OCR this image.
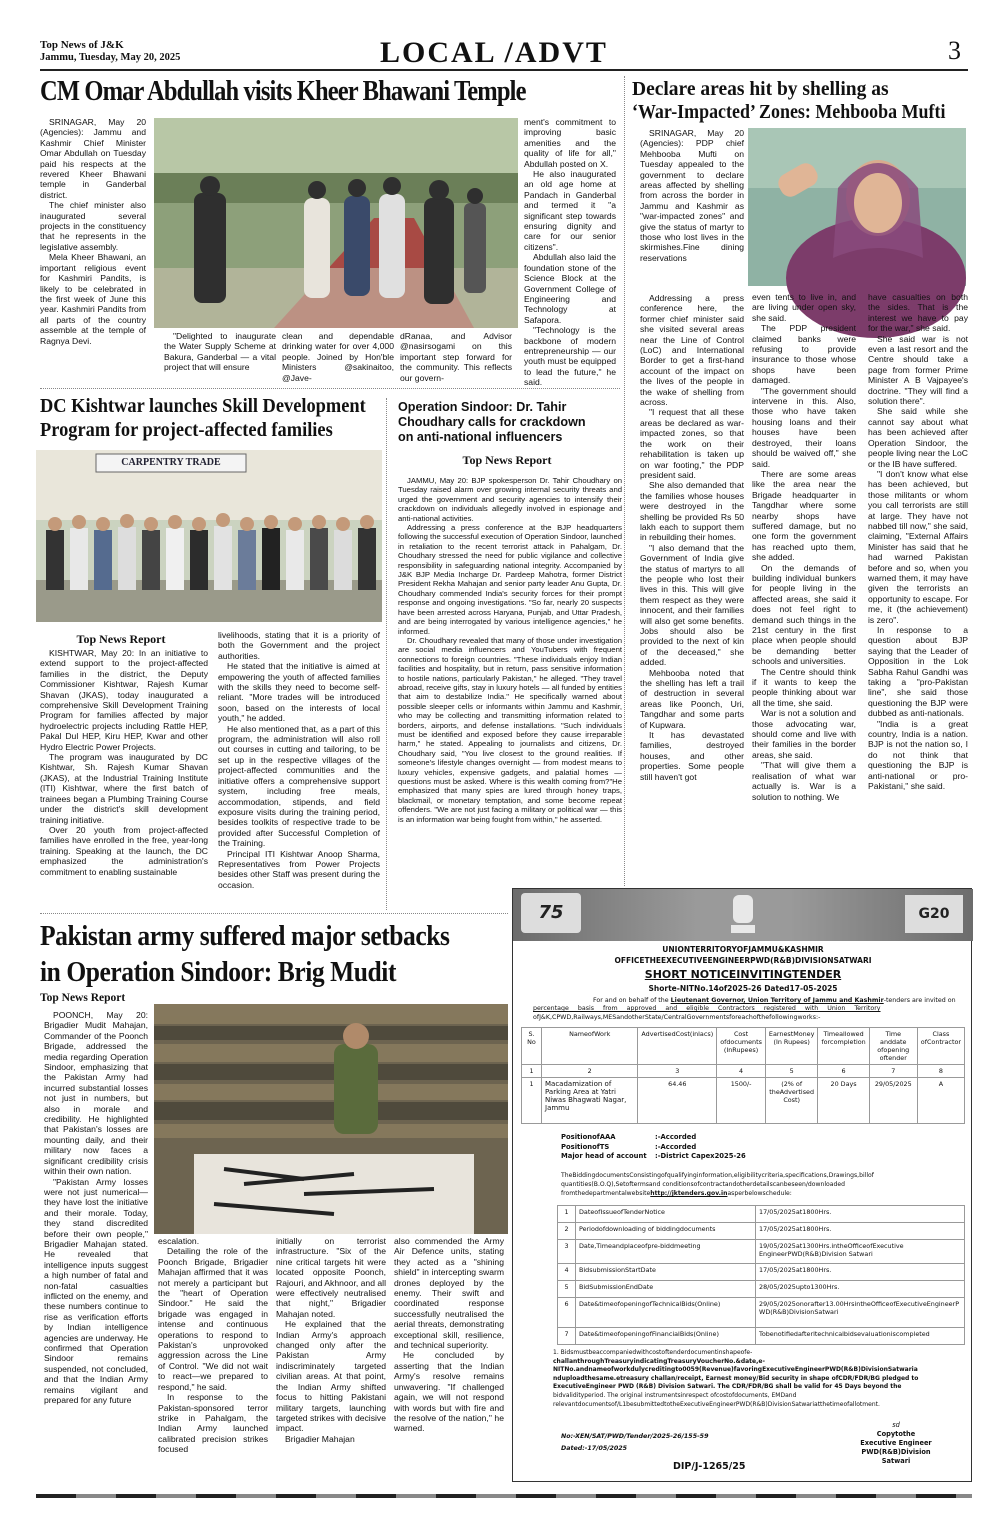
Top News of J&K
Jammu, Tuesday, May 20, 2025	LOCAL /ADVT	3
CM Omar Abdullah visits Kheer Bhawani Temple

SRINAGAR, May 20 (Agencies): Jammu and Kashmir Chief Minister Omar Abdullah on Tuesday paid his respects at the revered Kheer Bhawani temple in Ganderbal district.

The chief minister also inaugurated several projects in the constituency that he represents in the legislative assembly.

Mela Kheer Bhawani, an important religious event for Kashmiri Pandits, is likely to be celebrated in the first week of June this year. Kashmiri Pandits from all parts of the country assemble at the temple of Ragnya Devi.	"Delighted to inaugurate the Water Supply Scheme at Bakura, Ganderbal — a vital project that will ensure

clean and dependable drinking water for over 4,000 people. Joined by Hon'ble Ministers @sakinaitoo, @Jave-

dRanaa, and Advisor @nasirsogami on this important step forward for the community. This reflects our govern-

ment's commitment to improving basic amenities and the quality of life for all," Abdullah posted on X.

He also inaugurated an old age home at Pandach in Ganderbal and termed it "a significant step towards ensuring dignity and care for our senior citizens".

Abdullah also laid the foundation stone of the Science Block at the Government College of Engineering and Technology at Safapora.

"Technology is the backbone of modern entrepreneurship — our youth must be equipped to lead the future," he said.

Declare areas hit by shelling as
‘War-Impacted’ Zones: Mehbooba Mufti

SRINAGAR, May 20 (Agencies): PDP chief Mehbooba Mufti on Tuesday appealed to the government to declare areas affected by shelling from across the border in Jammu and Kashmir as "war-impacted zones" and give the status of martyr to those who lost lives in the skirmishes.Fine dining reservations

Addressing a press conference here, the former chief minister said she visited several areas near the Line of Control (LoC) and International Border to get a first-hand account of the impact on the lives of the people in the wake of shelling from across.

"I request that all these areas be declared as war-impacted zones, so that the work on their rehabilitation is taken up on war footing," the PDP president said.

She also demanded that the families whose houses were destroyed in the shelling be provided Rs 50 lakh each to support them in rebuilding their homes.

"I also demand that the Government of India give the status of martyrs to all the people who lost their lives in this. This will give them respect as they were innocent, and their families will also get some benefits. Jobs should also be provided to the next of kin of the deceased," she added.

Mehbooba noted that the shelling has left a trail of destruction in several areas like Poonch, Uri, Tangdhar and some parts of Kupwara.

It has devastated families, destroyed houses, and other properties. Some people still haven't got

even tents to live in, and are living under open sky, she said.

The PDP president claimed banks were refusing to provide insurance to those whose shops have been damaged.

"The government should intervene in this. Also, those who have taken housing loans and their houses have been destroyed, their loans should be waived off," she said.

There are some areas like the area near the Brigade headquarter in Tangdhar where some nearby shops have suffered damage, but no one form the government has reached upto them, she added.

On the demands of building individual bunkers for people living in the affected areas, she said it does not feel right to demand such things in the 21st century in the first place when people should be demanding better schools and universities.

The Centre should think if it wants to keep the people thinking about war all the time, she said.

War is not a solution and those advocating war, should come and live with their families in the border areas, she said.

"That will give them a realisation of what war actually is. War is a solution to nothing. We

have casualties on both the sides. That is the interest we have to pay for the war," she said.

She said war is not even a last resort and the Centre should take a page from former Prime Minister A B Vajpayee's doctrine. "They will find a solution there".

She said while she cannot say about what has been achieved after Operation Sindoor, the people living near the LoC or the IB have suffered.

"I don't know what else has been achieved, but those militants or whom you call terrorists are still at large. They have not nabbed till now," she said, claiming, "External Affairs Minister has said that he had warned Pakistan before and so, when you warned them, it may have given the terrorists an opportunity to escape. For me, it (the achievement) is zero".

In response to a question about BJP saying that the Leader of Opposition in the Lok Sabha Rahul Gandhi was taking a "pro-Pakistan line", she said those questioning the BJP were dubbed as anti-nationals.

"India is a great country, India is a nation. BJP is not the nation so, I do not think that questioning the BJP is anti-national or pro-Pakistani," she said.

DC Kishtwar launches Skill Development
Program for project-affected families
CARPENTRY TRADE
Top News Report

KISHTWAR, May 20: In an initiative to extend support to the project-affected families in the district, the Deputy Commissioner Kishtwar, Rajesh Kumar Shavan (JKAS), today inaugurated a comprehensive Skill Development Training Program for families affected by major hydroelectric projects including Rattle HEP, Pakal Dul HEP, Kiru HEP, Kwar and other Hydro Electric Power Projects.

The program was inaugurated by DC Kishtwar, Sh. Rajesh Kumar Shavan (JKAS), at the Industrial Training Institute (ITI) Kishtwar, where the first batch of trainees began a Plumbing Training Course under the district's skill development training initiative.

Over 20 youth from project-affected families have enrolled in the free, year-long training. Speaking at the launch, the DC emphasized the administration's commitment to enabling sustainable

livelihoods, stating that it is a priority of both the Government and the project authorities.

He stated that the initiative is aimed at empowering the youth of affected families with the skills they need to become self-reliant. "More trades will be introduced soon, based on the interests of local youth," he added.

He also mentioned that, as a part of this program, the administration will also roll out courses in cutting and tailoring, to be set up in the respective villages of the project-affected communities and the initiative offers a comprehensive support system, including free meals, accommodation, stipends, and field exposure visits during the training period, besides toolkits of respective trade to be provided after Successful Completion of the Training.

Principal ITI Kishtwar Anoop Sharma, Representatives from Power Projects besides other Staff was present during the occasion.

Operation Sindoor: Dr. Tahir
Choudhary calls for crackdown
on anti-national influencers
Top News Report

JAMMU, May 20: BJP spokesperson Dr. Tahir Choudhary on Tuesday raised alarm over growing internal security threats and urged the government and security agencies to intensify their crackdown on individuals allegedly involved in espionage and anti-national activities.

Addressing a press conference at the BJP headquarters following the successful execution of Operation Sindoor, launched in retaliation to the recent terrorist attack in Pahalgam, Dr. Choudhary stressed the need for public vigilance and collective responsibility in safeguarding national integrity. Accompanied by J&K BJP Media Incharge Dr. Pardeep Mahotra, former District President Rekha Mahajan and senior party leader Anu Gupta, Dr. Choudhary commended India's security forces for their prompt response and ongoing investigations. "So far, nearly 20 suspects have been arrested across Haryana, Punjab, and Uttar Pradesh, and are being interrogated by various intelligence agencies," he informed.

Dr. Choudhary revealed that many of those under investigation are social media influencers and YouTubers with frequent connections to foreign countries. "These individuals enjoy Indian facilities and hospitality, but in return, pass sensitive information to hostile nations, particularly Pakistan," he alleged. "They travel abroad, receive gifts, stay in luxury hotels — all funded by entities that aim to destabilize India." He specifically warned about possible sleeper cells or informants within Jammu and Kashmir, who may be collecting and transmitting information related to borders, airports, and defense installations. "Such individuals must be identified and exposed before they cause irreparable harm," he stated. Appealing to journalists and citizens, Dr. Choudhary said, "You live closest to the ground realities. If someone's lifestyle changes overnight — from modest means to luxury vehicles, expensive gadgets, and palatial homes — questions must be asked. Where is this wealth coming from?"He emphasized that many spies are lured through honey traps, blackmail, or monetary temptation, and some become repeat offenders. "We are not just facing a military or political war — this is an information war being fought from within," he asserted.

Pakistan army suffered major setbacks
in Operation Sindoor: Brig Mudit
Top News Report

POONCH, May 20: Brigadier Mudit Mahajan, Commander of the Poonch Brigade, addressed the media regarding Operation Sindoor, emphasizing that the Pakistan Army had incurred substantial losses not just in numbers, but also in morale and credibility. He highlighted that Pakistan's losses are mounting daily, and their military now faces a significant credibility crisis within their own nation.

"Pakistan Army losses were not just numerical—they have lost the initiative and their morale. Today, they stand discredited before their own people," Brigadier Mahajan stated. He revealed that intelligence inputs suggest a high number of fatal and non-fatal casualties inflicted on the enemy, and these numbers continue to rise as verification efforts by Indian intelligence agencies are underway. He confirmed that Operation Sindoor remains suspended, not concluded, and that the Indian Army remains vigilant and prepared for any future

escalation.

Detailing the role of the Poonch Brigade, Brigadier Mahajan affirmed that it was not merely a participant but the "heart of Operation Sindoor." He said the brigade was engaged in intense and continuous operations to respond to Pakistan's unprovoked aggression across the Line of Control. "We did not wait to react—we prepared to respond," he said.

In response to the Pakistan-sponsored terror strike in Pahalgam, the Indian Army launched calibrated precision strikes focused

initially on terrorist infrastructure. "Six of the nine critical targets hit were located opposite Poonch, Rajouri, and Akhnoor, and all were effectively neutralised that night," Brigadier Mahajan noted.

He explained that the Indian Army's approach changed only after the Pakistan Army indiscriminately targeted civilian areas. At that point, the Indian Army shifted focus to hitting Pakistani military targets, launching targeted strikes with decisive impact.

Brigadier Mahajan

also commended the Army Air Defence units, stating they acted as a "shining shield" in intercepting swarm drones deployed by the enemy. Their swift and coordinated response successfully neutralised the aerial threats, demonstrating exceptional skill, resilience, and technical superiority.

He concluded by asserting that the Indian Army's resolve remains unwavering. "If challenged again, we will not respond with words but with fire and the resolve of the nation," he warned.

75	G20
UNIONTERRITORYOFJAMMU&KASHMIR
OFFICETHEEXECUTIVEENGINEERPWD(R&B)DIVISIONSATWARI
SHORT NOTICEINVITINGTENDER
Shorte-NITNo.14of2025-26 Dated17-05-2025
For and on behalf of the Lieutenant Governor, Union Territory of Jammu and Kashmir-tenders are invited on
percentage basis from approved and eligible Contractors registered with Union Territory
ofJ&K,CPWD,Railways,MESandotherState/CentralGovernmentsforeachofthefollowingworks:-
S. No	NameofWork	AdvertisedCost(inlacs)	Cost ofdocuments (InRupees)	EarnestMoney (In Rupees)	Timeallowed forcompletion	Time anddate ofopening oftender	Class ofContractor
1	2	3	4	5	6	7	8
1	Macadamization of Parking Area at Yatri Niwas Bhagwati Nagar, Jammu	64.46	1500/-	(2% of theAdvertised Cost)	20 Days	29/05/2025	A
PositionofAAA	:-Accorded
PositionofTS	:-Accorded
Major head of account :-District Capex2025-26
TheBiddingdocumentsConsistingofqualifyinginformation,eligibilitycriteria,specifications,Drawings,billof
quantities(B.O.Q),Setoftermsand conditionsofcontractandotherdetailscanbeseen/downloaded
fromthedepartmentalwebsitehttp://jktenders.gov.inasperbelowschedule:
1	DateofIssueofTenderNotice	17/05/2025at1800Hrs.
2	Periodofdownloading of biddingdocuments	17/05/2025at1800Hrs.
3	Date,Timeandplaceofpre-biddmeeting	19/05/2025at1300Hrs.intheOfficeofExecutive EngineerPWD(R&B)Division Satwari
4	BidsubmissionStartDate	17/05/2025at1800Hrs.
5	BidSubmissionEndDate	28/05/2025upto1300Hrs.
6	Date&timeofopeningofTechnicalBids(Online)	29/05/2025onorafter13.00HrsintheOfficeofExecutiveEngineerPWD(R&B)DivisionSatwari
7	Date&timeofopeningofFinancialBids(Online)	Tobenotifiedafterltechnicalbidsevaluationiscompleted
1. Bidsmustbeaccompaniedwithcostoftenderdocumentinshapeofe-
challanthroughTreasuryindicatingTreasuryVoucherNo.&date,e-
NITNo.andnameofworkdulycreditingto0059(Revenue)favoringExecutiveEngineerPWD(R&B)DivisionSatwaria
nduploadthesame.etreasury challan/receipt, Earnest money/Bid security in shape ofCDR/FDR/BG pledged to
ExecutiveEngineer PWD (R&B) Division Satwari. The CDR/FDR/BG shall be valid for 45 Days beyond the
bidvalidityperiod. The original instrumentsinrespect ofcostofdocuments, EMDand
relevantdocumentsof/L1besubmittedtotheExecutiveEngineerPWD(R&B)DivisionSatwariatthetimeofallotment.
No:-XEN/SAT/PWD/Tender/2025-26/155-59
Dated:-17/05/2025
DIP/J-1265/25
sd
Copytothe
Executive Engineer
PWD(R&B)Division
Satwari
